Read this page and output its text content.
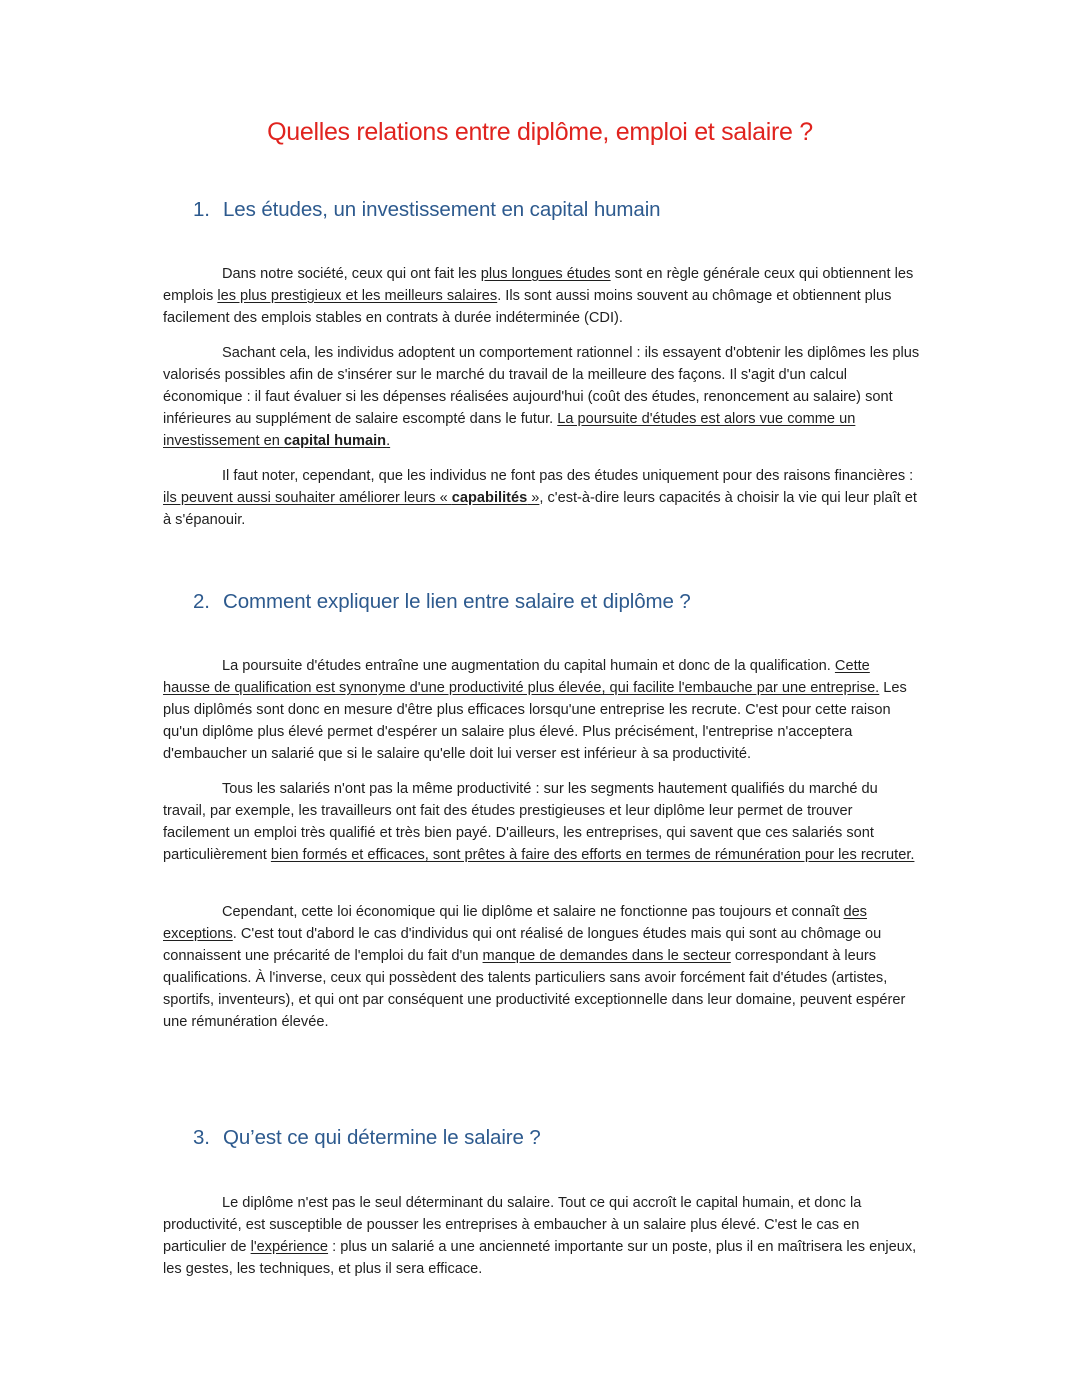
Quelles relations entre diplôme, emploi et salaire ?
1. Les études, un investissement en capital humain
Dans notre société, ceux qui ont fait les plus longues études sont en règle générale ceux qui obtiennent les emplois les plus prestigieux et les meilleurs salaires. Ils sont aussi moins souvent au chômage et obtiennent plus facilement des emplois stables en contrats à durée indéterminée (CDI).
Sachant cela, les individus adoptent un comportement rationnel : ils essayent d'obtenir les diplômes les plus valorisés possibles afin de s'insérer sur le marché du travail de la meilleure des façons. Il s'agit d'un calcul économique : il faut évaluer si les dépenses réalisées aujourd'hui (coût des études, renoncement au salaire) sont inférieures au supplément de salaire escompté dans le futur. La poursuite d'études est alors vue comme un investissement en capital humain.
Il faut noter, cependant, que les individus ne font pas des études uniquement pour des raisons financières : ils peuvent aussi souhaiter améliorer leurs « capabilités », c'est-à-dire leurs capacités à choisir la vie qui leur plaît et à s'épanouir.
2. Comment expliquer le lien entre salaire et diplôme ?
La poursuite d'études entraîne une augmentation du capital humain et donc de la qualification. Cette hausse de qualification est synonyme d'une productivité plus élevée, qui facilite l'embauche par une entreprise. Les plus diplômés sont donc en mesure d'être plus efficaces lorsqu'une entreprise les recrute. C'est pour cette raison qu'un diplôme plus élevé permet d'espérer un salaire plus élevé. Plus précisément, l'entreprise n'acceptera d'embaucher un salarié que si le salaire qu'elle doit lui verser est inférieur à sa productivité.
Tous les salariés n'ont pas la même productivité : sur les segments hautement qualifiés du marché du travail, par exemple, les travailleurs ont fait des études prestigieuses et leur diplôme leur permet de trouver facilement un emploi très qualifié et très bien payé. D'ailleurs, les entreprises, qui savent que ces salariés sont particulièrement bien formés et efficaces, sont prêtes à faire des efforts en termes de rémunération pour les recruter.
Cependant, cette loi économique qui lie diplôme et salaire ne fonctionne pas toujours et connaît des exceptions. C'est tout d'abord le cas d'individus qui ont réalisé de longues études mais qui sont au chômage ou connaissent une précarité de l'emploi du fait d'un manque de demandes dans le secteur correspondant à leurs qualifications. À l'inverse, ceux qui possèdent des talents particuliers sans avoir forcément fait d'études (artistes, sportifs, inventeurs), et qui ont par conséquent une productivité exceptionnelle dans leur domaine, peuvent espérer une rémunération élevée.
3. Qu’est ce qui détermine le salaire ?
Le diplôme n'est pas le seul déterminant du salaire. Tout ce qui accroît le capital humain, et donc la productivité, est susceptible de pousser les entreprises à embaucher à un salaire plus élevé. C'est le cas en particulier de l'expérience : plus un salarié a une ancienneté importante sur un poste, plus il en maîtrisera les enjeux, les gestes, les techniques, et plus il sera efficace.
